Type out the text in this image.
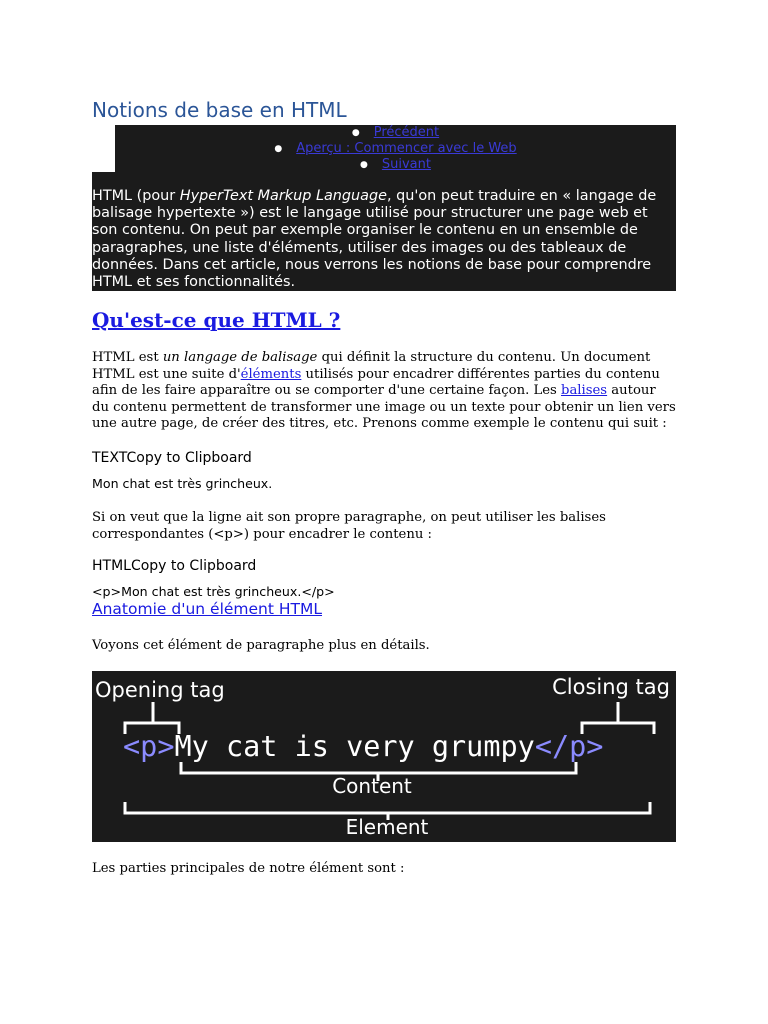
Notions de base en HTML
● Précédent
● Aperçu : Commencer avec le Web
● Suivant

HTML (pour HyperText Markup Language, qu'on peut traduire en « langage de balisage hypertexte ») est le langage utilisé pour structurer une page web et son contenu. On peut par exemple organiser le contenu en un ensemble de paragraphes, une liste d'éléments, utiliser des images ou des tableaux de données. Dans cet article, nous verrons les notions de base pour comprendre HTML et ses fonctionnalités.

Qu'est-ce que HTML ?

HTML est un langage de balisage qui définit la structure du contenu. Un document HTML est une suite d'éléments utilisés pour encadrer différentes parties du contenu afin de les faire apparaître ou se comporter d'une certaine façon. Les balises autour du contenu permettent de transformer une image ou un texte pour obtenir un lien vers une autre page, de créer des titres, etc. Prenons comme exemple le contenu qui suit :

TEXTCopy to Clipboard

Mon chat est très grincheux.

Si on veut que la ligne ait son propre paragraphe, on peut utiliser les balises correspondantes (<p>) pour encadrer le contenu :

HTMLCopy to Clipboard

<p>Mon chat est très grincheux.</p>

Anatomie d'un élément HTML

Voyons cet élément de paragraphe plus en détails.

Opening tag	Closing tag
<p>My cat is very grumpy</p>
Content
Element

Les parties principales de notre élément sont :
